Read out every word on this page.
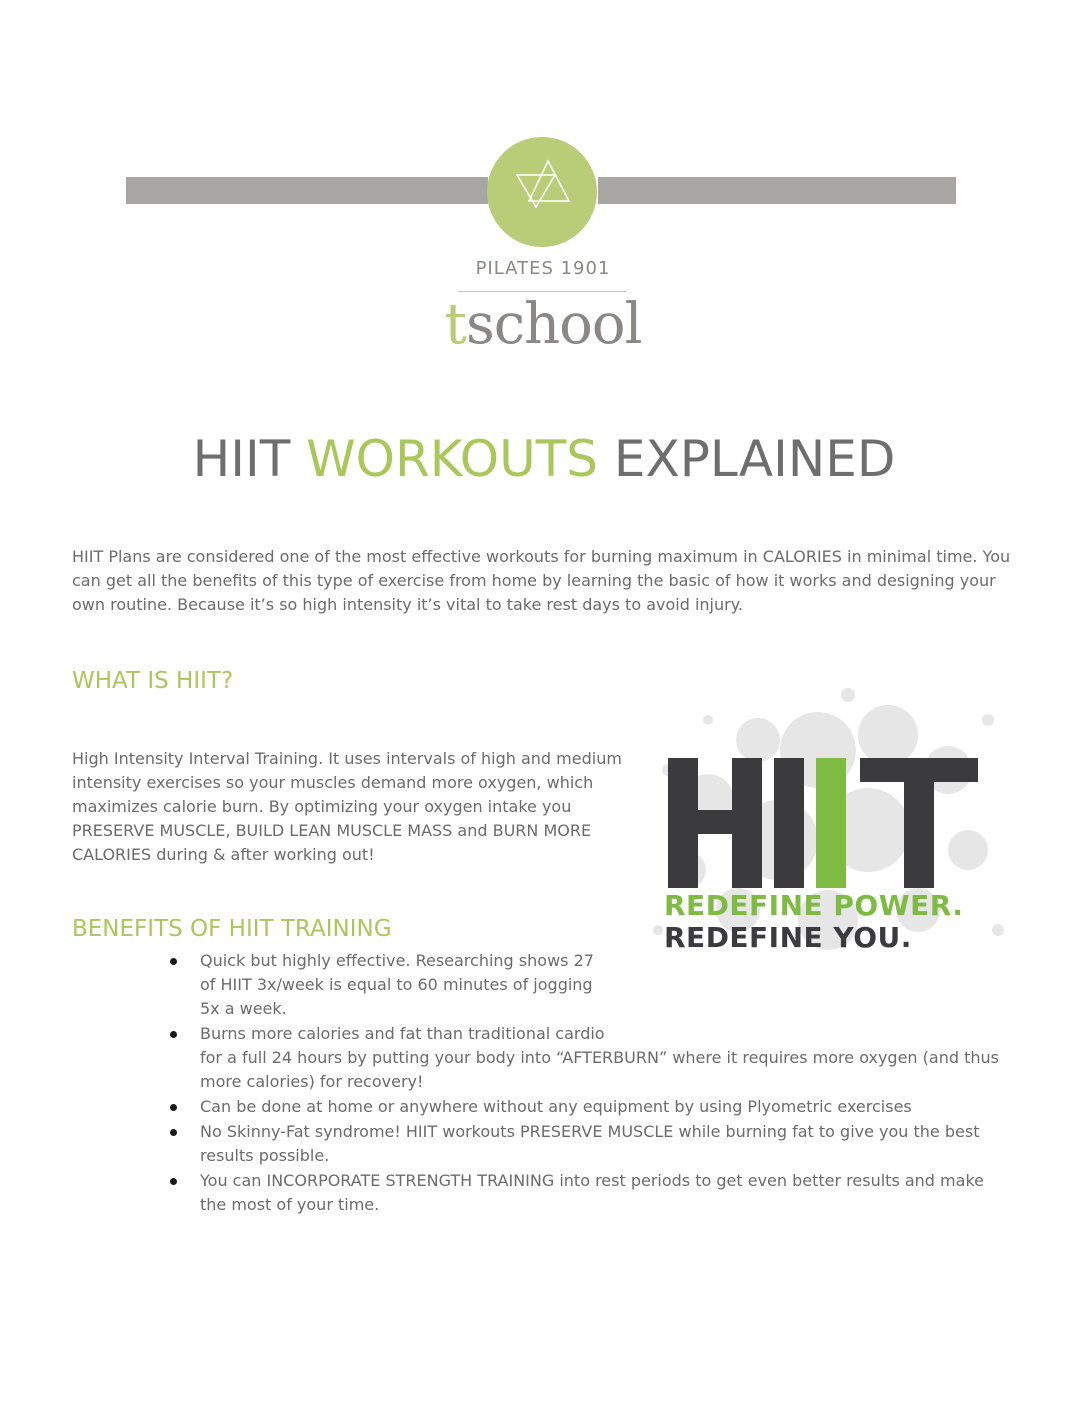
PILATES 1901
tschool
HIIT WORKOUTS EXPLAINED

HIIT Plans are considered one of the most effective workouts for burning maximum in CALORIES in minimal time. You can get all the benefits of this type of exercise from home by learning the basic of how it works and designing your own routine. Because it’s so high intensity it’s vital to take rest days to avoid injury.

WHAT IS HIIT?

High Intensity Interval Training. It uses intervals of high and medium intensity exercises so your muscles demand more oxygen, which maximizes calorie burn. By optimizing your oxygen intake you PRESERVE MUSCLE, BUILD LEAN MUSCLE MASS and BURN MORE CALORIES during & after working out!

REDEFINE POWER.
REDEFINE YOU.
BENEFITS OF HIIT TRAINING
Quick but highly effective. Researching shows 27 of HIIT 3x/week is equal to 60 minutes of jogging 5x a week.
Burns more calories and fat than traditional cardio
for a full 24 hours by putting your body into “AFTERBURN” where it requires more oxygen (and thus more calories) for recovery!
Can be done at home or anywhere without any equipment by using Plyometric exercises
No Skinny-Fat syndrome! HIIT workouts PRESERVE MUSCLE while burning fat to give you the best results possible.
You can INCORPORATE STRENGTH TRAINING into rest periods to get even better results and make the most of your time.
